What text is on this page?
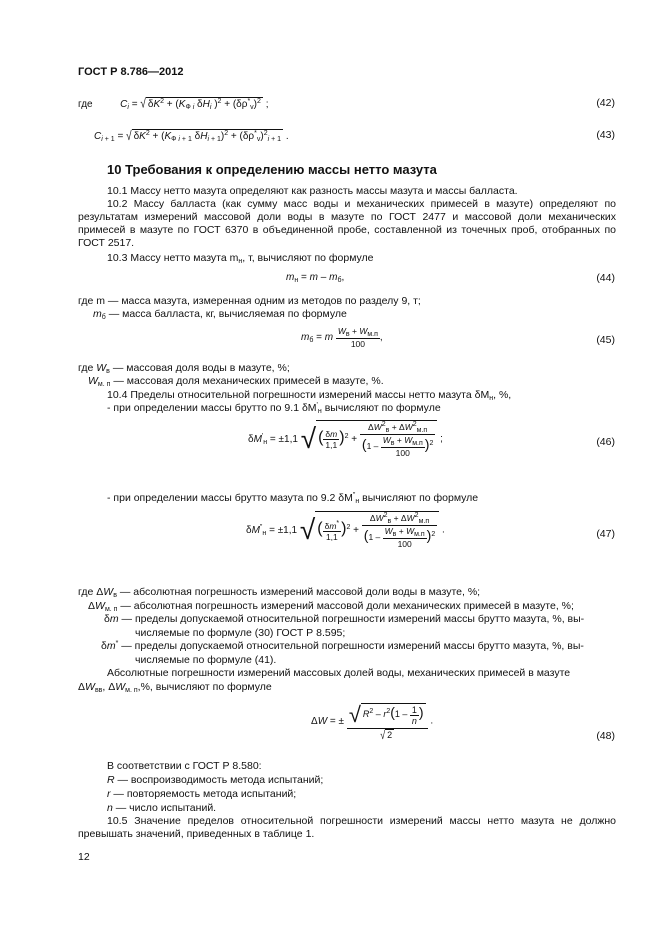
ГОСТ Р 8.786—2012
где	$C_i$ = √ $\delta K^2 + (K_{Ф i}$ $\delta H_i$ )$^2 + (\delta\rho^*_v)^2$ ;	(42)
$C_{i + 1}$ = √ $\delta K^2 + (K_{Ф i + 1}$ $\delta H_{i + 1})^2 + (\delta\rho^*_v)^2_{i + 1}$ .	(43)
10 Требования к определению массы нетто мазута
10.1 Массу нетто мазута определяют как разность массы мазута и массы балласта.
10.2 Массу балласта (как сумму масс воды и механических примесей в мазуте) определяют по результатам измерений массовой доли воды в мазуте по ГОСТ 2477 и массовой доли механических примесей в мазуте по ГОСТ 6370 в объединенной пробе, составленной из точечных проб, отобранных по ГОСТ 2517.
10.3 Массу нетто мазута $m_н$, т, вычисляют по формуле
$m_н = m - m_б$,	(44)
где m — масса мазута, измеренная одним из методов по разделу 9, т;
$m_б$ — масса балласта, кг, вычисляемая по формуле
$m_б = m \frac{W_в + W_{м.п}}{100}$ ,	(45)
где $W_в$ — массовая доля воды в мазуте, %;
$W_{м. п}$ — массовая доля механических примесей в мазуте, %.
10.4 Пределы относительной погрешности измерений массы нетто мазута $\delta M_н$, %,
- при определении массы брутто по 9.1 $\delta M'_н$ вычисляют по формуле
$\delta M'_н = \pm 1,1$ √ ( $\frac{\delta m}{1,1} )^2 + \frac{\Delta W^2_в + \Delta W^2_{м.п}}{(1 - \frac{W_в + W_{м.п}}{100} )^2}$ ;	(46)
- при определении массы брутто мазута по 9.2 $\delta M^"_н$ вычисляют по формуле
$\delta M^"_н = \pm 1,1$ √ ( $\frac{\delta m^*}{1,1} )^2 + \frac{\Delta W^2_в + \Delta W^2_{м.п}}{(1 - \frac{W_в + W_{м.п}}{100} )^2}$ .	(47)
где $\Delta W_в$ — абсолютная погрешность измерений массовой доли воды в мазуте, %;
$\Delta W_{м. п}$ — абсолютная погрешность измерений массовой доли механических примесей в мазуте, %;
δm — пределы допускаемой относительной погрешности измерений массы брутто мазута, %, вы-
числяемые по формуле (30) ГОСТ Р 8.595;
δm* — пределы допускаемой относительной погрешности измерений массы брутто мазута, %, вы-
числяемые по формуле (41).
Абсолютные погрешности измерений массовых долей воды, механических примесей в мазуте
$\Delta W_{вв}$, $\Delta W_{м. п},\%$, вычисляют по формуле
ΔW = ± $\frac{√ R^2 - r^2(1 - \frac{1}{n} )}{√ 2}$ .
(48)
В соответствии с ГОСТ Р 8.580:
R — воспроизводимость метода испытаний;
r — повторяемость метода испытаний;
n — число испытаний.
10.5 Значение пределов относительной погрешности измерений массы нетто мазута не должно превышать значений, приведенных в таблице 1.
12
